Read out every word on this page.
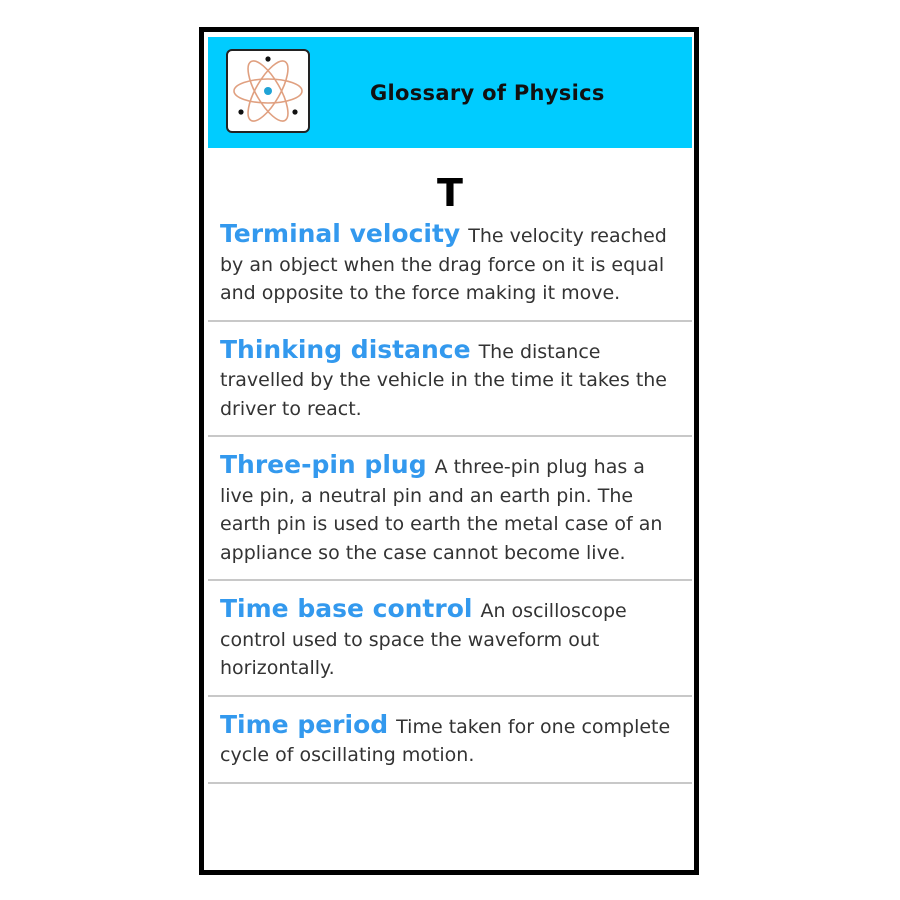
Glossary of Physics
T
Terminal velocity The velocity reached by an object when the drag force on it is equal and opposite to the force making it move.
Thinking distance The distance travelled by the vehicle in the time it takes the driver to react.
Three-pin plug A three-pin plug has a live pin, a neutral pin and an earth pin. The earth pin is used to earth the metal case of an appliance so the case cannot become live.
Time base control An oscilloscope control used to space the waveform out horizontally.
Time period Time taken for one complete cycle of oscillating motion.
